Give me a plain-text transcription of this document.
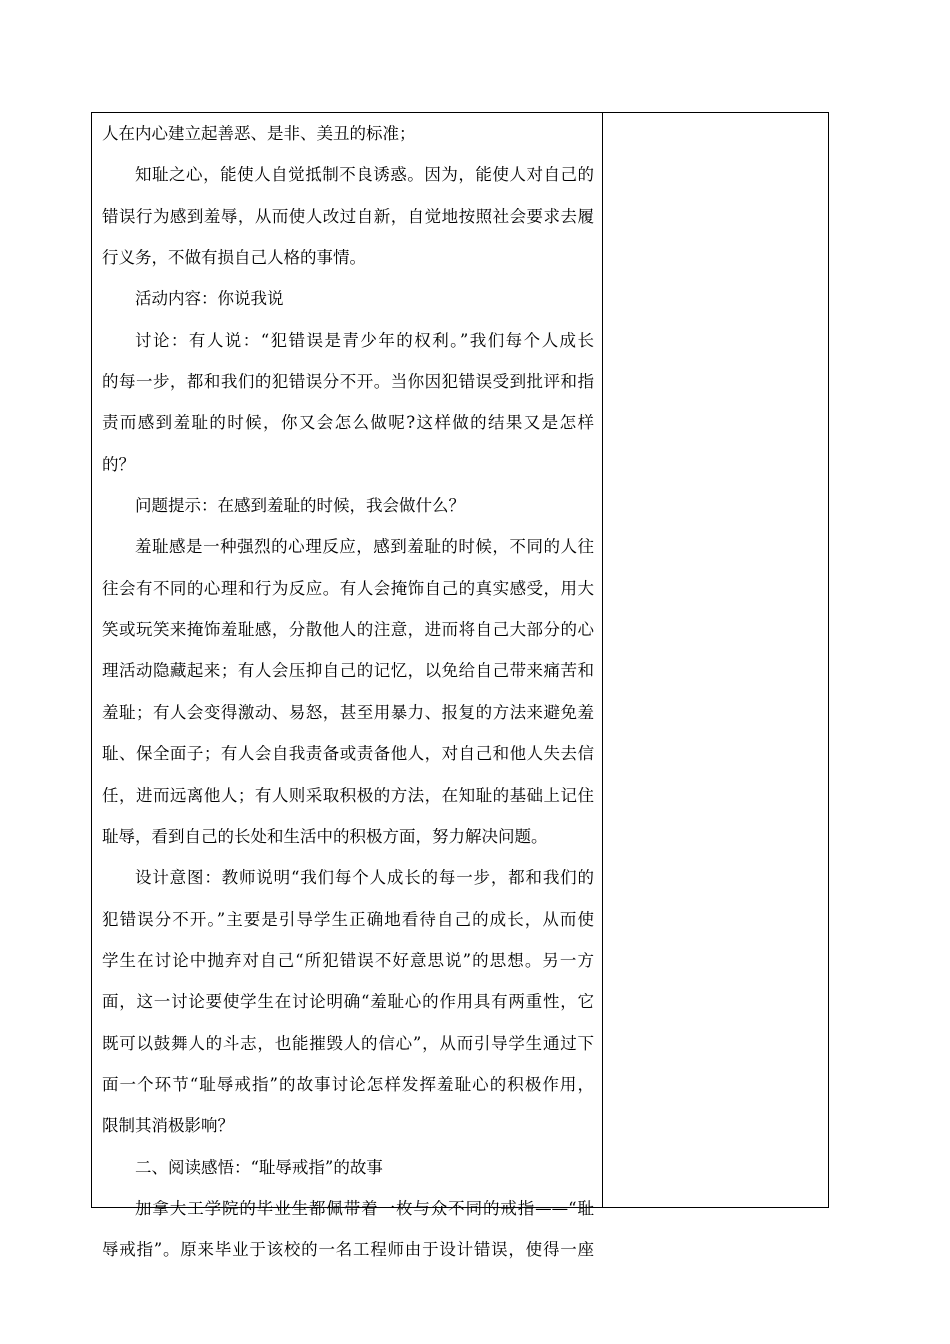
人在内心建立起善恶、是非、美丑的标准；
知耻之心，能使人自觉抵制不良诱惑。因为，能使人对自己的
错误行为感到羞辱，从而使人改过自新，自觉地按照社会要求去履
行义务，不做有损自己人格的事情。
活动内容：你说我说
讨论：有人说：“犯错误是青少年的权利。”我们每个人成长
的每一步，都和我们的犯错误分不开。当你因犯错误受到批评和指
责而感到羞耻的时候，你又会怎么做呢?这样做的结果又是怎样
的？
问题提示：在感到羞耻的时候，我会做什么？
羞耻感是一种强烈的心理反应，感到羞耻的时候，不同的人往
往会有不同的心理和行为反应。有人会掩饰自己的真实感受，用大
笑或玩笑来掩饰羞耻感，分散他人的注意，进而将自己大部分的心
理活动隐藏起来；有人会压抑自己的记忆，以免给自己带来痛苦和
羞耻；有人会变得激动、易怒，甚至用暴力、报复的方法来避免羞
耻、保全面子；有人会自我责备或责备他人，对自己和他人失去信
任，进而远离他人；有人则采取积极的方法，在知耻的基础上记住
耻辱，看到自己的长处和生活中的积极方面，努力解决问题。
设计意图：教师说明“我们每个人成长的每一步，都和我们的
犯错误分不开。”主要是引导学生正确地看待自己的成长，从而使
学生在讨论中抛弃对自己“所犯错误不好意思说”的思想。另一方
面，这一讨论要使学生在讨论明确“羞耻心的作用具有两重性，它
既可以鼓舞人的斗志，也能摧毁人的信心”，从而引导学生通过下
面一个环节“耻辱戒指”的故事讨论怎样发挥羞耻心的积极作用，
限制其消极影响？
二、阅读感悟：“耻辱戒指”的故事
加拿大工学院的毕业生都佩带着一枚与众不同的戒指——“耻
辱戒指”。原来毕业于该校的一名工程师由于设计错误，使得一座
